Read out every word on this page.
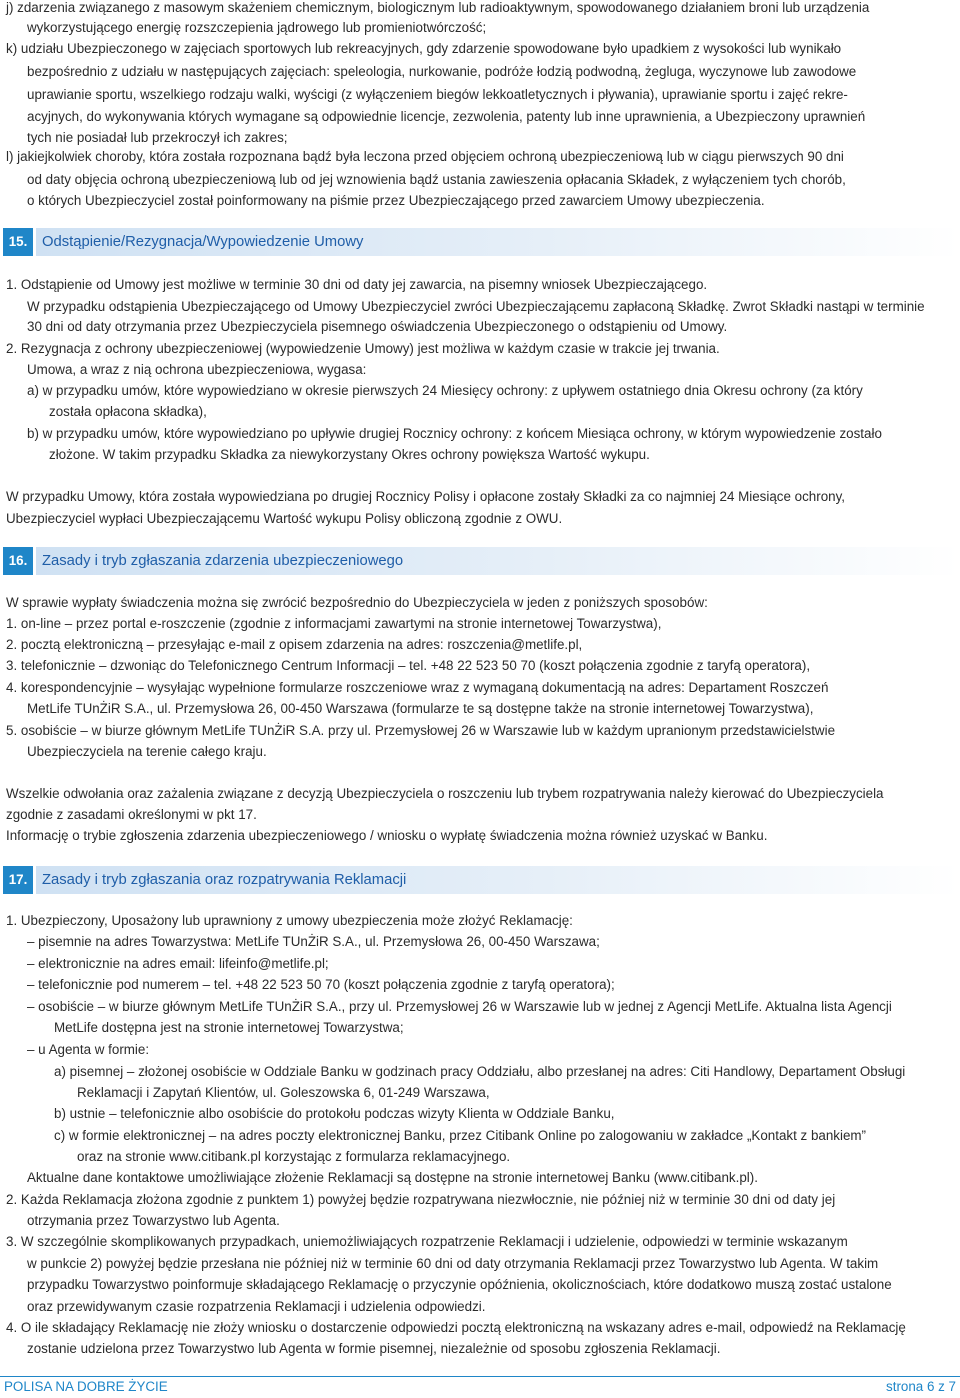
j) zdarzenia związanego z masowym skażeniem chemicznym, biologicznym lub radioaktywnym, spowodowanego działaniem broni lub urządzenia
wykorzystującego energię rozszczepienia jądrowego lub promieniotwórczość;
k) udziału Ubezpieczonego w zajęciach sportowych lub rekreacyjnych, gdy zdarzenie spowodowane było upadkiem z wysokości lub wynikało
bezpośrednio z udziału w następujących zajęciach: speleologia, nurkowanie, podróże łodzią podwodną, żegluga, wyczynowe lub zawodowe
uprawianie sportu, wszelkiego rodzaju walki, wyścigi (z wyłączeniem biegów lekkoatletycznych i pływania), uprawianie sportu i zajęć rekre-
acyjnych, do wykonywania których wymagane są odpowiednie licencje, zezwolenia, patenty lub inne uprawnienia, a Ubezpieczony uprawnień
tych nie posiadał lub przekroczył ich zakres;
l) jakiejkolwiek choroby, która została rozpoznana bądź była leczona przed objęciem ochroną ubezpieczeniową lub w ciągu pierwszych 90 dni
od daty objęcia ochroną ubezpieczeniową lub od jej wznowienia bądź ustania zawieszenia opłacania Składek, z wyłączeniem tych chorób,
o których Ubezpieczyciel został poinformowany na piśmie przez Ubezpieczającego przed zawarciem Umowy ubezpieczenia.
15. Odstąpienie/Rezygnacja/Wypowiedzenie Umowy
1. Odstąpienie od Umowy jest możliwe w terminie 30 dni od daty jej zawarcia, na pisemny wniosek Ubezpieczającego.
W przypadku odstąpienia Ubezpieczającego od Umowy Ubezpieczyciel zwróci Ubezpieczającemu zapłaconą Składkę. Zwrot Składki nastąpi w terminie
30 dni od daty otrzymania przez Ubezpieczyciela pisemnego oświadczenia Ubezpieczonego o odstąpieniu od Umowy.
2. Rezygnacja z ochrony ubezpieczeniowej (wypowiedzenie Umowy) jest możliwa w każdym czasie w trakcie jej trwania.
Umowa, a wraz z nią ochrona ubezpieczeniowa, wygasa:
a) w przypadku umów, które wypowiedziano w okresie pierwszych 24 Miesięcy ochrony: z upływem ostatniego dnia Okresu ochrony (za który
została opłacona składka),
b) w przypadku umów, które wypowiedziano po upływie drugiej Rocznicy ochrony: z końcem Miesiąca ochrony, w którym wypowiedzenie zostało
złożone. W takim przypadku Składka za niewykorzystany Okres ochrony powiększa Wartość wykupu.
W przypadku Umowy, która została wypowiedziana po drugiej Rocznicy Polisy i opłacone zostały Składki za co najmniej 24 Miesiące ochrony,
Ubezpieczyciel wypłaci Ubezpieczającemu Wartość wykupu Polisy obliczoną zgodnie z OWU.
16. Zasady i tryb zgłaszania zdarzenia ubezpieczeniowego
W sprawie wypłaty świadczenia można się zwrócić bezpośrednio do Ubezpieczyciela w jeden z poniższych sposobów:
1. on-line – przez portal e-roszczenie (zgodnie z informacjami zawartymi na stronie internetowej Towarzystwa),
2. pocztą elektroniczną – przesyłając e-mail z opisem zdarzenia na adres: roszczenia@metlife.pl,
3. telefonicznie – dzwoniąc do Telefonicznego Centrum Informacji – tel. +48 22 523 50 70 (koszt połączenia zgodnie z taryfą operatora),
4. korespondencyjnie – wysyłając wypełnione formularze roszczeniowe wraz z wymaganą dokumentacją na adres: Departament Roszczeń
MetLife TUnŻiR S.A., ul. Przemysłowa 26, 00-450 Warszawa (formularze te są dostępne także na stronie internetowej Towarzystwa),
5. osobiście – w biurze głównym MetLife TUnŻiR S.A. przy ul. Przemysłowej 26 w Warszawie lub w każdym upranionym przedstawicielstwie
Ubezpieczyciela na terenie całego kraju.
Wszelkie odwołania oraz zażalenia związane z decyzją Ubezpieczyciela o roszczeniu lub trybem rozpatrywania należy kierować do Ubezpieczyciela
zgodnie z zasadami określonymi w pkt 17.
Informację o trybie zgłoszenia zdarzenia ubezpieczeniowego / wniosku o wypłatę świadczenia można również uzyskać w Banku.
17. Zasady i tryb zgłaszania oraz rozpatrywania Reklamacji
1. Ubezpieczony, Uposażony lub uprawniony z umowy ubezpieczenia może złożyć Reklamację:
– pisemnie na adres Towarzystwa: MetLife TUnŻiR S.A., ul. Przemysłowa 26, 00-450 Warszawa;
– elektronicznie na adres email: lifeinfo@metlife.pl;
– telefonicznie pod numerem – tel. +48 22 523 50 70 (koszt połączenia zgodnie z taryfą operatora);
– osobiście – w biurze głównym MetLife TUnŻiR S.A., przy ul. Przemysłowej 26 w Warszawie lub w jednej z Agencji MetLife. Aktualna lista Agencji
MetLife dostępna jest na stronie internetowej Towarzystwa;
– u Agenta w formie:
a) pisemnej – złożonej osobiście w Oddziale Banku w godzinach pracy Oddziału, albo przesłanej na adres: Citi Handlowy, Departament Obsługi
Reklamacji i Zapytań Klientów, ul. Goleszowska 6, 01-249 Warszawa,
b) ustnie – telefonicznie albo osobiście do protokołu podczas wizyty Klienta w Oddziale Banku,
c) w formie elektronicznej – na adres poczty elektronicznej Banku, przez Citibank Online po zalogowaniu w zakładce „Kontakt z bankiem”
oraz na stronie www.citibank.pl korzystając z formularza reklamacyjnego.
Aktualne dane kontaktowe umożliwiające złożenie Reklamacji są dostępne na stronie internetowej Banku (www.citibank.pl).
2. Każda Reklamacja złożona zgodnie z punktem 1) powyżej będzie rozpatrywana niezwłocznie, nie później niż w terminie 30 dni od daty jej
otrzymania przez Towarzystwo lub Agenta.
3. W szczególnie skomplikowanych przypadkach, uniemożliwiających rozpatrzenie Reklamacji i udzielenie, odpowiedzi w terminie wskazanym
w punkcie 2) powyżej będzie przesłana nie później niż w terminie 60 dni od daty otrzymania Reklamacji przez Towarzystwo lub Agenta. W takim
przypadku Towarzystwo poinformuje składającego Reklamację o przyczynie opóźnienia, okolicznościach, które dodatkowo muszą zostać ustalone
oraz przewidywanym czasie rozpatrzenia Reklamacji i udzielenia odpowiedzi.
4. O ile składający Reklamację nie złoży wniosku o dostarczenie odpowiedzi pocztą elektroniczną na wskazany adres e-mail, odpowiedź na Reklamację
zostanie udzielona przez Towarzystwo lub Agenta w formie pisemnej, niezależnie od sposobu zgłoszenia Reklamacji.
POLISA NA DOBRE ŻYCIE	strona 6 z 7
